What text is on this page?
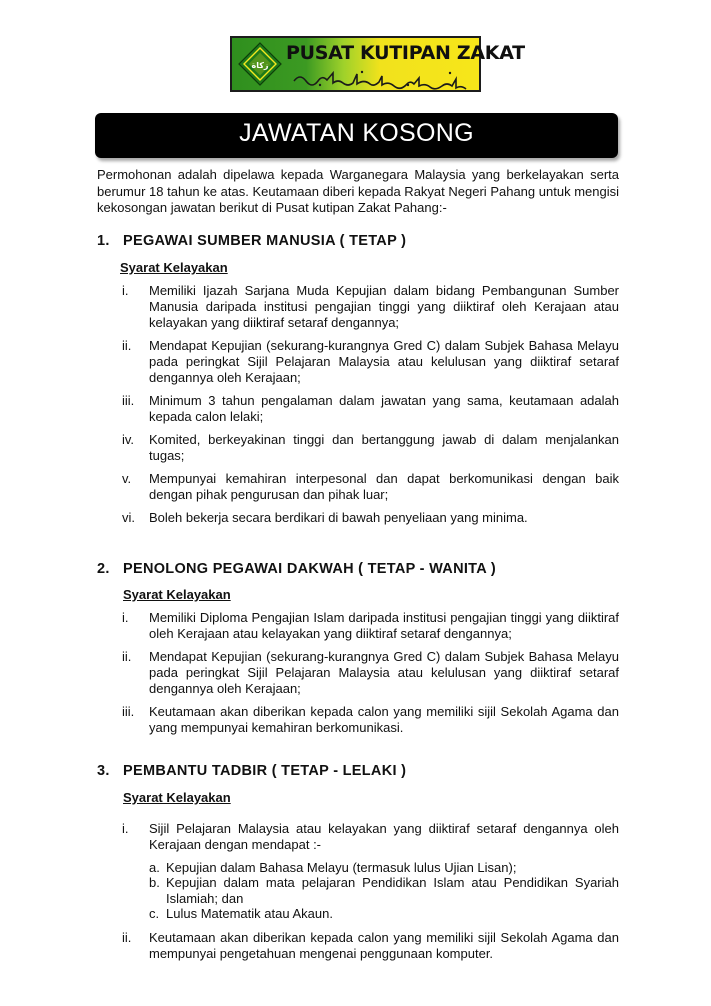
زكاة
PUSAT KUTIPAN ZAKAT
JAWATAN KOSONG

Permohonan adalah dipelawa kepada Warganegara Malaysia yang berkelayakan serta berumur 18 tahun ke atas. Keutamaan diberi kepada Rakyat Negeri Pahang untuk mengisi kekosongan jawatan berikut di Pusat kutipan Zakat Pahang:-

1. PEGAWAI SUMBER MANUSIA ( TETAP )
Syarat Kelayakan
i. Memiliki Ijazah Sarjana Muda Kepujian dalam bidang Pembangunan Sumber Manusia daripada institusi pengajian tinggi yang diiktiraf oleh Kerajaan atau kelayakan yang diiktiraf setaraf dengannya;
ii. Mendapat Kepujian (sekurang-kurangnya Gred C) dalam Subjek Bahasa Melayu pada peringkat Sijil Pelajaran Malaysia atau kelulusan yang diiktiraf setaraf dengannya oleh Kerajaan;
iii. Minimum 3 tahun pengalaman dalam jawatan yang sama, keutamaan adalah kepada calon lelaki;
iv. Komited, berkeyakinan tinggi dan bertanggung jawab di dalam menjalankan tugas;
v. Mempunyai kemahiran interpesonal dan dapat berkomunikasi dengan baik dengan pihak pengurusan dan pihak luar;
vi. Boleh bekerja secara berdikari di bawah penyeliaan yang minima.
2. PENOLONG PEGAWAI DAKWAH ( TETAP - WANITA )
Syarat Kelayakan
i. Memiliki Diploma Pengajian Islam daripada institusi pengajian tinggi yang diiktiraf oleh Kerajaan atau kelayakan yang diiktiraf setaraf dengannya;
ii. Mendapat Kepujian (sekurang-kurangnya Gred C) dalam Subjek Bahasa Melayu pada peringkat Sijil Pelajaran Malaysia atau kelulusan yang diiktiraf setaraf dengannya oleh Kerajaan;
iii. Keutamaan akan diberikan kepada calon yang memiliki sijil Sekolah Agama dan yang mempunyai kemahiran berkomunikasi.
3. PEMBANTU TADBIR ( TETAP - LELAKI )
Syarat Kelayakan
i. Sijil Pelajaran Malaysia atau kelayakan yang diiktiraf setaraf dengannya oleh Kerajaan dengan mendapat :-
a. Kepujian dalam Bahasa Melayu (termasuk lulus Ujian Lisan);
b. Kepujian dalam mata pelajaran Pendidikan Islam atau Pendidikan Syariah Islamiah; dan
c. Lulus Matematik atau Akaun.
ii. Keutamaan akan diberikan kepada calon yang memiliki sijil Sekolah Agama dan mempunyai pengetahuan mengenai penggunaan komputer.
